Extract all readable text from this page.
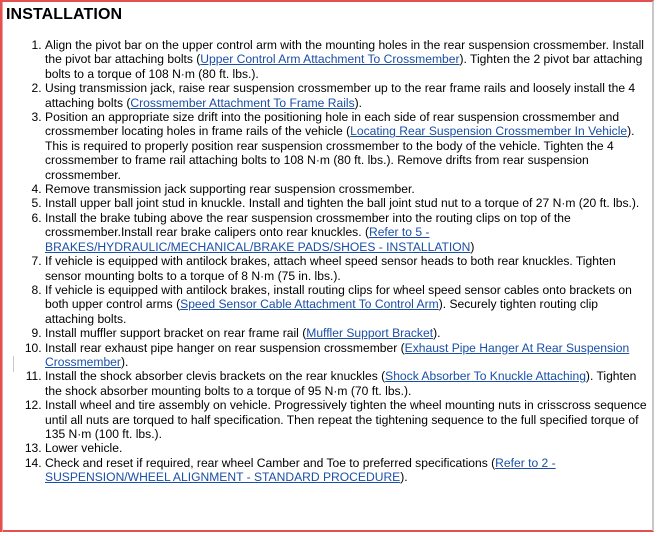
INSTALLATION
1. Align the pivot bar on the upper control arm with the mounting holes in the rear suspension crossmember. Install the pivot bar attaching bolts (Upper Control Arm Attachment To Crossmember). Tighten the 2 pivot bar attaching bolts to a torque of 108 N·m (80 ft. lbs.).
2. Using transmission jack, raise rear suspension crossmember up to the rear frame rails and loosely install the 4 attaching bolts (Crossmember Attachment To Frame Rails).
3. Position an appropriate size drift into the positioning hole in each side of rear suspension crossmember and crossmember locating holes in frame rails of the vehicle (Locating Rear Suspension Crossmember In Vehicle). This is required to properly position rear suspension crossmember to the body of the vehicle. Tighten the 4 crossmember to frame rail attaching bolts to 108 N·m (80 ft. lbs.). Remove drifts from rear suspension crossmember.
4. Remove transmission jack supporting rear suspension crossmember.
5. Install upper ball joint stud in knuckle. Install and tighten the ball joint stud nut to a torque of 27 N·m (20 ft. lbs.).
6. Install the brake tubing above the rear suspension crossmember into the routing clips on top of the crossmember.Install rear brake calipers onto rear knuckles. (Refer to 5 - BRAKES/HYDRAULIC/MECHANICAL/BRAKE PADS/SHOES - INSTALLATION)
7. If vehicle is equipped with antilock brakes, attach wheel speed sensor heads to both rear knuckles. Tighten sensor mounting bolts to a torque of 8 N·m (75 in. lbs.).
8. If vehicle is equipped with antilock brakes, install routing clips for wheel speed sensor cables onto brackets on both upper control arms (Speed Sensor Cable Attachment To Control Arm). Securely tighten routing clip attaching bolts.
9. Install muffler support bracket on rear frame rail (Muffler Support Bracket).
10. Install rear exhaust pipe hanger on rear suspension crossmember (Exhaust Pipe Hanger At Rear Suspension Crossmember).
11. Install the shock absorber clevis brackets on the rear knuckles (Shock Absorber To Knuckle Attaching). Tighten the shock absorber mounting bolts to a torque of 95 N·m (70 ft. lbs.).
12. Install wheel and tire assembly on vehicle. Progressively tighten the wheel mounting nuts in crisscross sequence until all nuts are torqued to half specification. Then repeat the tightening sequence to the full specified torque of 135 N·m (100 ft. lbs.).
13. Lower vehicle.
14. Check and reset if required, rear wheel Camber and Toe to preferred specifications (Refer to 2 - SUSPENSION/WHEEL ALIGNMENT - STANDARD PROCEDURE).
